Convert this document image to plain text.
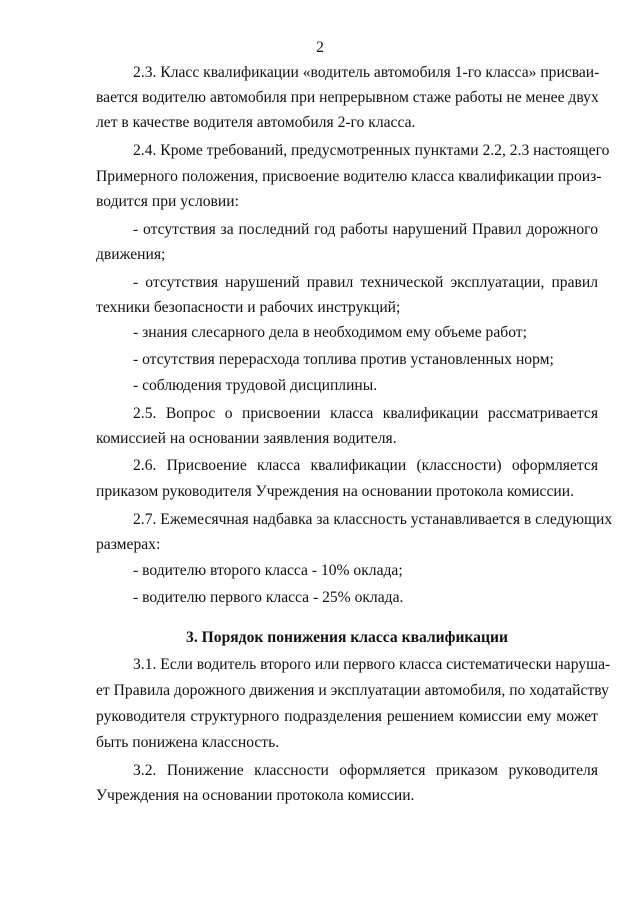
2
2.3. Класс квалификации «водитель автомобиля 1-го класса» присваи-
вается водителю автомобиля при непрерывном стаже работы не менее двух
лет в качестве водителя автомобиля 2-го класса.
2.4. Кроме требований, предусмотренных пунктами 2.2, 2.3 настоящего
Примерного положения, присвоение водителю класса квалификации произ-
водится при условии:
- отсутствия за последний год работы нарушений Правил дорожного
движения;
- отсутствия нарушений правил технической эксплуатации, правил
техники безопасности и рабочих инструкций;
- знания слесарного дела в необходимом ему объеме работ;
- отсутствия перерасхода топлива против установленных норм;
- соблюдения трудовой дисциплины.
2.5. Вопрос о присвоении класса квалификации рассматривается
комиссией на основании заявления водителя.
2.6. Присвоение класса квалификации (классности) оформляется
приказом руководителя Учреждения на основании протокола комиссии.
2.7. Ежемесячная надбавка за классность устанавливается в следующих
размерах:
- водителю второго класса - 10% оклада;
- водителю первого класса - 25% оклада.
3. Порядок понижения класса квалификации
3.1. Если водитель второго или первого класса систематически наруша-
ет Правила дорожного движения и эксплуатации автомобиля, по ходатайству
руководителя структурного подразделения решением комиссии ему может
быть понижена классность.
3.2. Понижение классности оформляется приказом руководителя
Учреждения на основании протокола комиссии.
